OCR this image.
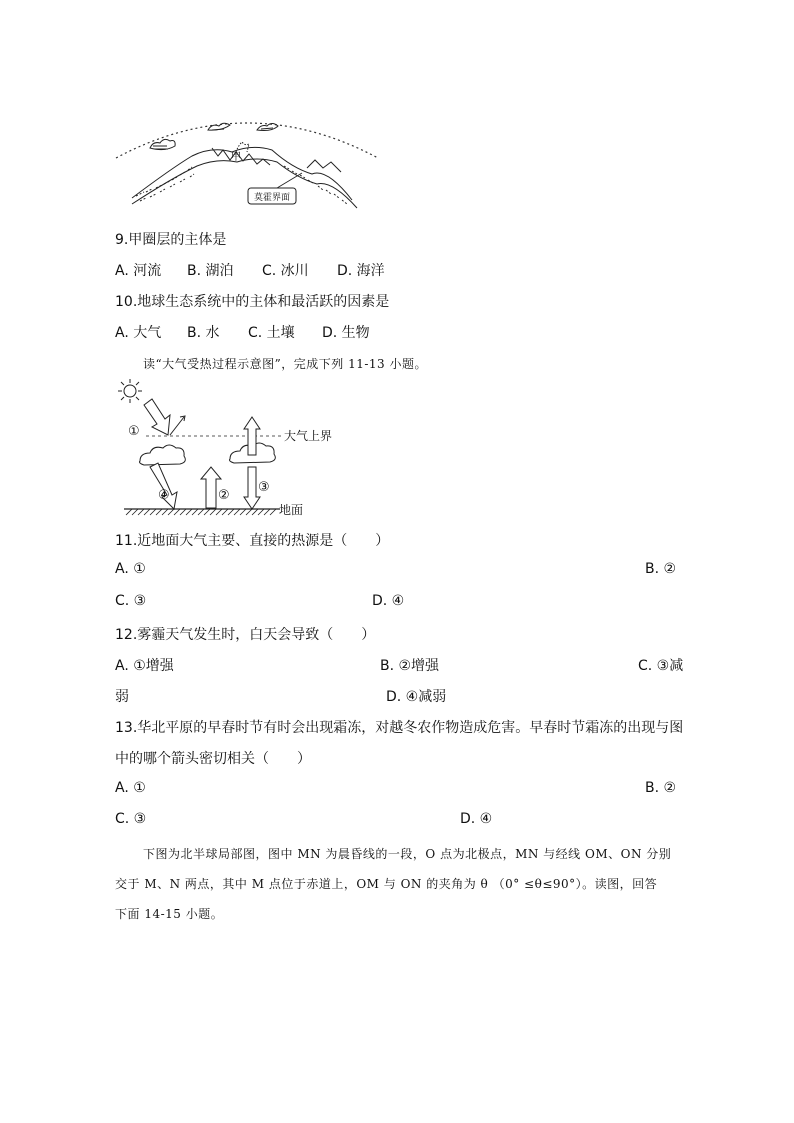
甲
莫霍界面
9.甲圈层的主体是
A. 河流 B. 湖泊 C. 冰川 D. 海洋
10.地球生态系统中的主体和最活跃的因素是
A. 大气 B. 水 C. 土壤 D. 生物
读“大气受热过程示意图”，完成下列 11-13 小题。
大气上界
①
④	②
③
地面
11.近地面大气主要、直接的热源是（　　）
A. ①	B. ②
C. ③	D. ④
12.雾霾天气发生时，白天会导致（　　）
A. ①增强	B. ②增强	C. ③减
弱	D. ④减弱
13.华北平原的早春时节有时会出现霜冻，对越冬农作物造成危害。早春时节霜冻的出现与图
中的哪个箭头密切相关（　　）
A. ①	B. ②
C. ③	D. ④
下图为北半球局部图，图中 MN 为晨昏线的一段，O 点为北极点，MN 与经线 OM、ON 分别
交于 M、N 两点，其中 M 点位于赤道上，OM 与 ON 的夹角为 θ （0° ≤θ≤90°）。读图，回答
下面 14-15 小题。
